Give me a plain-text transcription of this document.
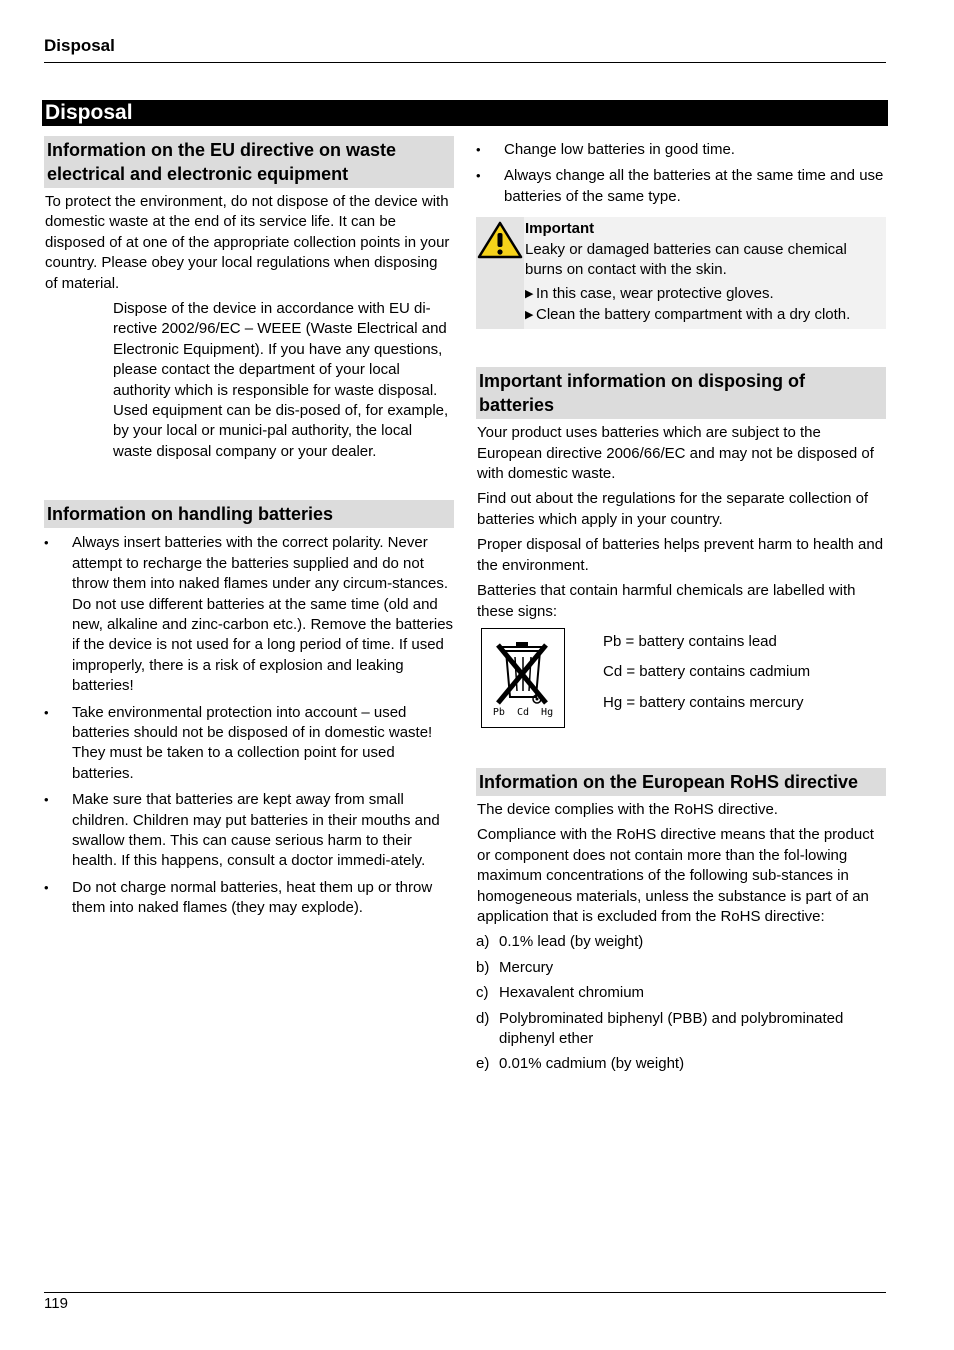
Disposal
Disposal
Information on the EU directive on waste electrical and electronic equipment

To protect the environment, do not dispose of the device with domestic waste at the end of its service life. It can be disposed of at one of the appropriate collection points in your country. Please obey your local regulations when disposing of material.

Dispose of the device in accordance with EU di-rective 2002/96/EC – WEEE (Waste Electrical and Electronic Equipment). If you have any questions, please contact the department of your local authority which is responsible for waste disposal. Used equipment can be dis-posed of, for example, by your local or munici-pal authority, the local waste disposal company or your dealer.

Information on handling batteries
• Always insert batteries with the correct polarity. Never attempt to recharge the batteries supplied and do not throw them into naked flames under any circum-stances. Do not use different batteries at the same time (old and new, alkaline and zinc-carbon etc.). Remove the batteries if the device is not used for a long period of time. If used improperly, there is a risk of explosion and leaking batteries!
• Take environmental protection into account – used batteries should not be disposed of in domestic waste! They must be taken to a collection point for used batteries.
• Make sure that batteries are kept away from small children. Children may put batteries in their mouths and swallow them. This can cause serious harm to their health. If this happens, consult a doctor immedi-ately.
• Do not charge normal batteries, heat them up or throw them into naked flames (they may explode).
• Change low batteries in good time.
• Always change all the batteries at the same time and use batteries of the same type.

Important

Leaky or damaged batteries can cause chemical burns on contact with the skin.

▶ In this case, wear protective gloves.
▶ Clean the battery compartment with a dry cloth.
Important information on disposing of batteries

Your product uses batteries which are subject to the European directive 2006/66/EC and may not be disposed of with domestic waste.

Find out about the regulations for the separate collection of batteries which apply in your country.

Proper disposal of batteries helps prevent harm to health and the environment.

Batteries that contain harmful chemicals are labelled with these signs:

Pb  Cd  Hg

Pb = battery contains lead

Cd = battery contains cadmium

Hg = battery contains mercury

Information on the European RoHS directive

The device complies with the RoHS directive.

Compliance with the RoHS directive means that the product or component does not contain more than the fol-lowing maximum concentrations of the following sub-stances in homogeneous materials, unless the substance is part of an application that is excluded from the RoHS directive:

a) 0.1% lead (by weight)
b) Mercury
c) Hexavalent chromium
d) Polybrominated biphenyl (PBB) and polybrominated diphenyl ether
e) 0.01% cadmium (by weight)
119
